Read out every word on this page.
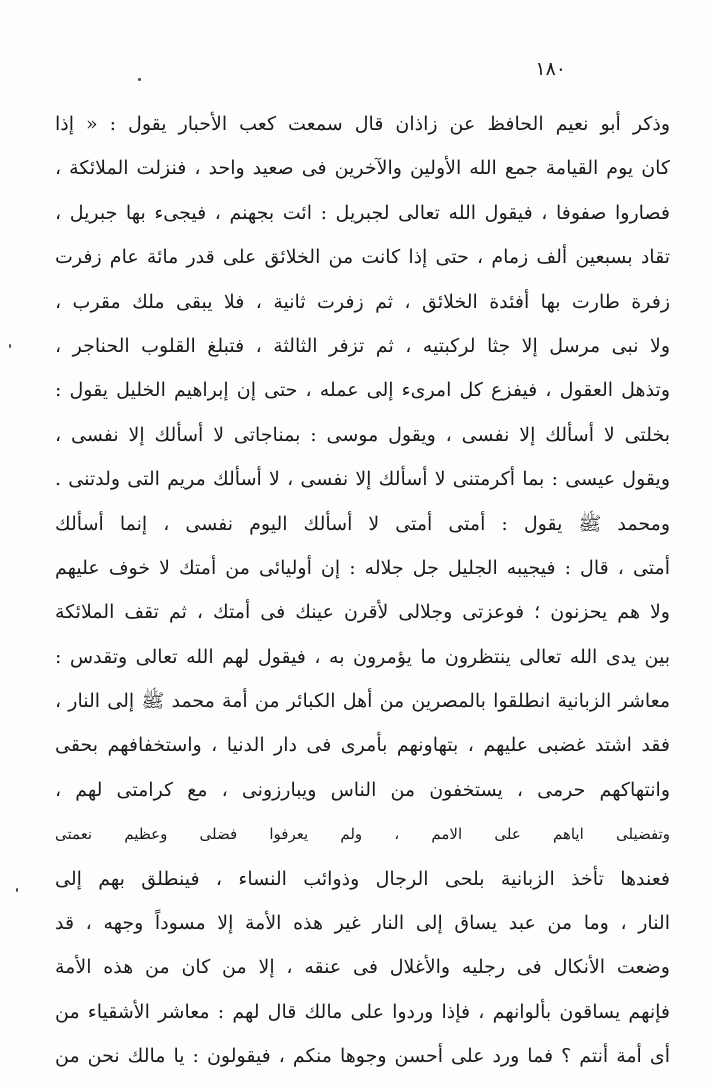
١٨٠
وذكر أبو نعيم الحافظ عن زاذان قال سمعت كعب الأحبار يقول : « إذا
كان يوم القيامة جمع الله الأولين والآخرين فى صعيد واحد ، فنزلت الملائكة ،
فصاروا صفوفا ، فيقول الله تعالى لجبريل : ائت بجهنم ، فيجىء بها جبريل ،
تقاد بسبعين ألف زمام ، حتى إذا كانت من الخلائق على قدر مائة عام زفرت
زفرة طارت بها أفئدة الخلائق ، ثم زفرت ثانية ، فلا يبقى ملك مقرب ،
ولا نبى مرسل إلا جثا لركبتيه ، ثم تزفر الثالثة ، فتبلغ القلوب الحناجر ،
وتذهل العقول ، فيفزع كل امرىء إلى عمله ، حتى إن إبراهيم الخليل يقول :
بخلتى لا أسألك إلا نفسى ، ويقول موسى : بمناجاتى لا أسألك إلا نفسى ،
ويقول عيسى : بما أكرمتنى لا أسألك إلا نفسى ، لا أسألك مريم التى ولدتنى .
ومحمد ﷺ يقول : أمتى أمتى لا أسألك اليوم نفسى ، إنما أسألك
أمتى ، قال : فيجيبه الجليل جل جلاله : إن أوليائى من أمتك لا خوف عليهم
ولا هم يحزنون ؛ فوعزتى وجلالى لأقرن عينك فى أمتك ، ثم تقف الملائكة
بين يدى الله تعالى ينتظرون ما يؤمرون به ، فيقول لهم الله تعالى وتقدس :
معاشر الزبانية انطلقوا بالمصرين من أهل الكبائر من أمة محمد ﷺ إلى النار ،
فقد اشتد غضبى عليهم ، بتهاونهم بأمرى فى دار الدنيا ، واستخفافهم بحقى
وانتهاكهم حرمى ، يستخفون من الناس ويبارزونى ، مع كرامتى لهم ،
وتفضيلى اياهم على الامم ، ولم يعرفوا فضلى وعظيم نعمتى
فعندها تأخذ الزبانية بلحى الرجال وذوائب النساء ، فينطلق بهم إلى
النار ، وما من عبد يساق إلى النار غير هذه الأمة إلا مسوداً وجهه ، قد
وضعت الأنكال فى رجليه والأغلال فى عنقه ، إلا من كان من هذه الأمة
فإنهم يساقون بألوانهم ، فإذا وردوا على مالك قال لهم : معاشر الأشقياء من
أى أمة أنتم ؟ فما ورد على أحسن وجوها منكم ، فيقولون : يا مالك نحن من
